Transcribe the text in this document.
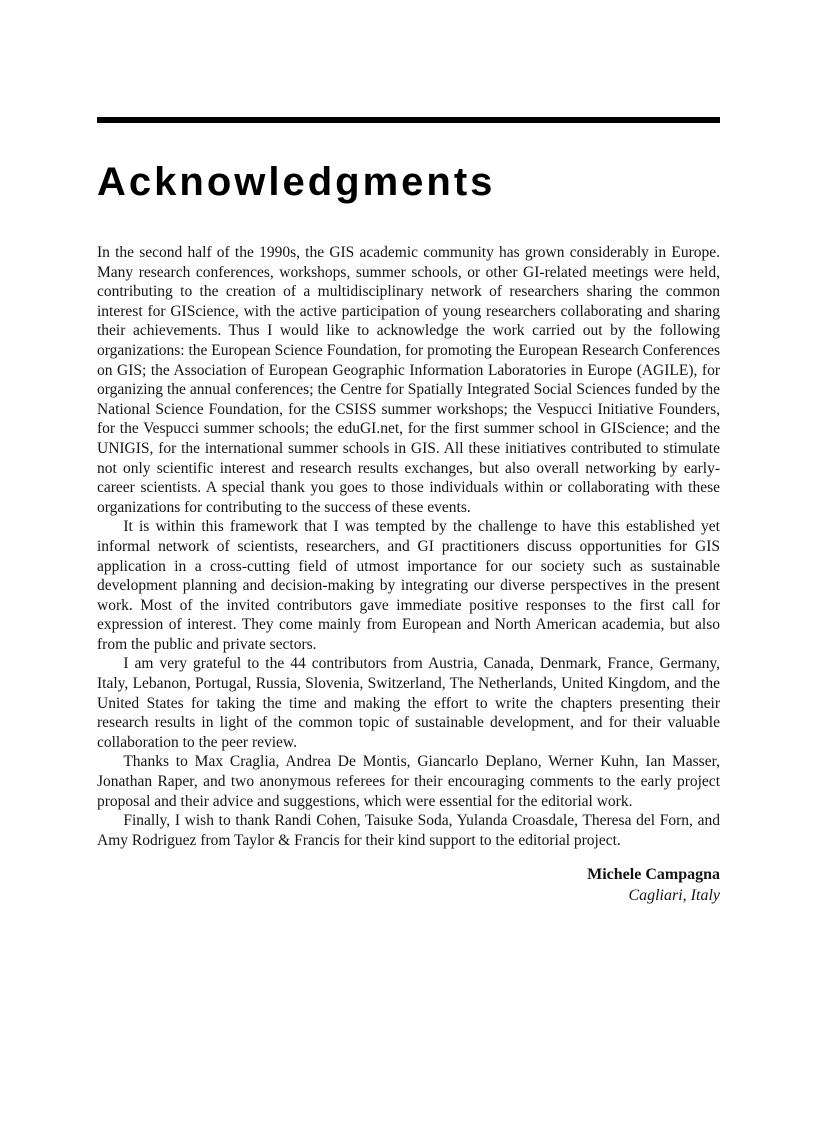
Acknowledgments

In the second half of the 1990s, the GIS academic community has grown considerably in Europe. Many research conferences, workshops, summer schools, or other GI-related meetings were held, contributing to the creation of a multidisciplinary network of researchers sharing the common interest for GIScience, with the active participation of young researchers collaborating and sharing their achievements. Thus I would like to acknowledge the work carried out by the following organizations: the European Science Foundation, for promoting the European Research Conferences on GIS; the Association of European Geographic Information Laboratories in Europe (AGILE), for organizing the annual conferences; the Centre for Spatially Integrated Social Sciences funded by the National Science Foundation, for the CSISS summer workshops; the Vespucci Initiative Founders, for the Vespucci summer schools; the eduGI.net, for the first summer school in GIScience; and the UNIGIS, for the international summer schools in GIS. All these initiatives contributed to stimulate not only scientific interest and research results exchanges, but also overall networking by early-career scientists. A special thank you goes to those individuals within or collaborating with these organizations for contributing to the success of these events.

It is within this framework that I was tempted by the challenge to have this established yet informal network of scientists, researchers, and GI practitioners discuss opportunities for GIS application in a cross-cutting field of utmost importance for our society such as sustainable development planning and decision-making by integrating our diverse perspectives in the present work. Most of the invited contributors gave immediate positive responses to the first call for expression of interest. They come mainly from European and North American academia, but also from the public and private sectors.

I am very grateful to the 44 contributors from Austria, Canada, Denmark, France, Germany, Italy, Lebanon, Portugal, Russia, Slovenia, Switzerland, The Netherlands, United Kingdom, and the United States for taking the time and making the effort to write the chapters presenting their research results in light of the common topic of sustainable development, and for their valuable collaboration to the peer review.

Thanks to Max Craglia, Andrea De Montis, Giancarlo Deplano, Werner Kuhn, Ian Masser, Jonathan Raper, and two anonymous referees for their encouraging comments to the early project proposal and their advice and suggestions, which were essential for the editorial work.

Finally, I wish to thank Randi Cohen, Taisuke Soda, Yulanda Croasdale, Theresa del Forn, and Amy Rodriguez from Taylor & Francis for their kind support to the editorial project.

Michele Campagna
Cagliari, Italy
